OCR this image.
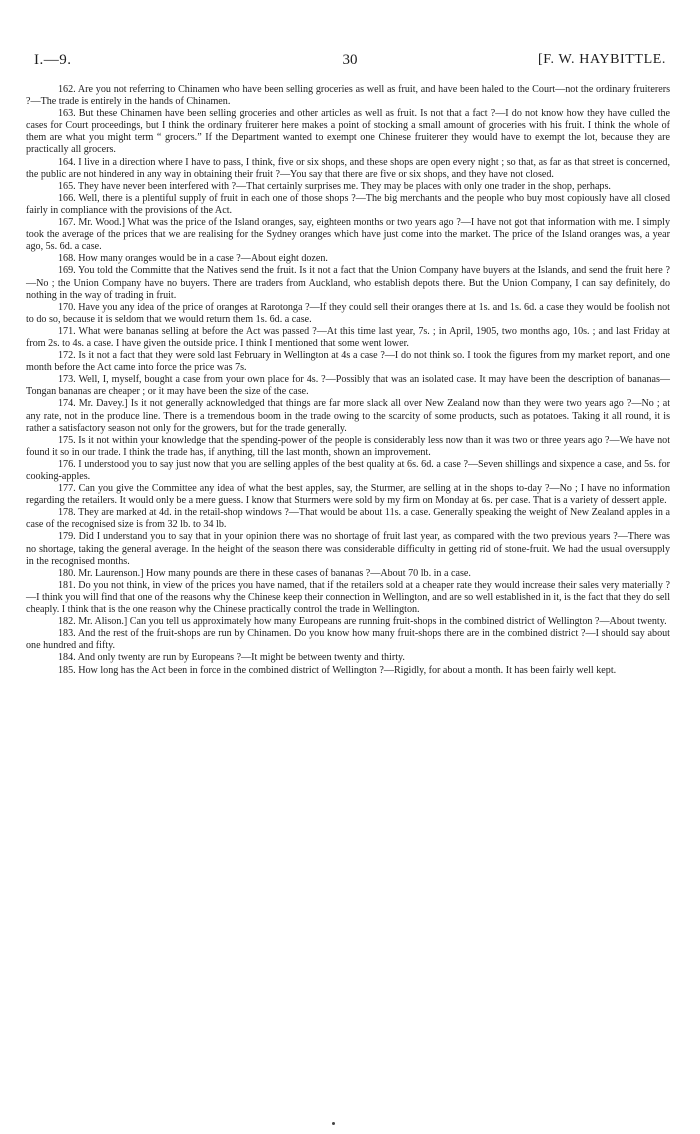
I.—9.	30	[F. W. HAYBITTLE.

162. Are you not referring to Chinamen who have been selling groceries as well as fruit, and have been haled to the Court—not the ordinary fruiterers ?—The trade is entirely in the hands of Chinamen.

163. But these Chinamen have been selling groceries and other articles as well as fruit. Is not that a fact ?—I do not know how they have culled the cases for Court proceedings, but I think the ordinary fruiterer here makes a point of stocking a small amount of groceries with his fruit. I think the whole of them are what you might term “ grocers.” If the Department wanted to exempt one Chinese fruiterer they would have to exempt the lot, because they are practically all grocers.

164. I live in a direction where I have to pass, I think, five or six shops, and these shops are open every night ; so that, as far as that street is concerned, the public are not hindered in any way in obtaining their fruit ?—You say that there are five or six shops, and they have not closed.

165. They have never been interfered with ?—That certainly surprises me. They may be places with only one trader in the shop, perhaps.

166. Well, there is a plentiful supply of fruit in each one of those shops ?—The big merchants and the people who buy most copiously have all closed fairly in compliance with the provisions of the Act.

167. Mr. Wood.] What was the price of the Island oranges, say, eighteen months or two years ago ?—I have not got that information with me. I simply took the average of the prices that we are realising for the Sydney oranges which have just come into the market. The price of the Island oranges was, a year ago, 5s. 6d. a case.

168. How many oranges would be in a case ?—About eight dozen.

169. You told the Committe that the Natives send the fruit. Is it not a fact that the Union Company have buyers at the Islands, and send the fruit here ?—No ; the Union Company have no buyers. There are traders from Auckland, who establish depots there. But the Union Company, I can say definitely, do nothing in the way of trading in fruit.

170. Have you any idea of the price of oranges at Rarotonga ?—If they could sell their oranges there at 1s. and 1s. 6d. a case they would be foolish not to do so, because it is seldom that we would return them 1s. 6d. a case.

171. What were bananas selling at before the Act was passed ?—At this time last year, 7s. ; in April, 1905, two months ago, 10s. ; and last Friday at from 2s. to 4s. a case. I have given the outside price. I think I mentioned that some went lower.

172. Is it not a fact that they were sold last February in Wellington at 4s a case ?—I do not think so. I took the figures from my market report, and one month before the Act came into force the price was 7s.

173. Well, I, myself, bought a case from your own place for 4s. ?—Possibly that was an isolated case. It may have been the description of bananas—Tongan bananas are cheaper ; or it may have been the size of the case.

174. Mr. Davey.] Is it not generally acknowledged that things are far more slack all over New Zealand now than they were two years ago ?—No ; at any rate, not in the produce line. There is a tremendous boom in the trade owing to the scarcity of some products, such as potatoes. Taking it all round, it is rather a satisfactory season not only for the growers, but for the trade generally.

175. Is it not within your knowledge that the spending-power of the people is considerably less now than it was two or three years ago ?—We have not found it so in our trade. I think the trade has, if anything, till the last month, shown an improvement.

176. I understood you to say just now that you are selling apples of the best quality at 6s. 6d. a case ?—Seven shillings and sixpence a case, and 5s. for cooking-apples.

177. Can you give the Committee any idea of what the best apples, say, the Sturmer, are selling at in the shops to-day ?—No ; I have no information regarding the retailers. It would only be a mere guess. I know that Sturmers were sold by my firm on Monday at 6s. per case. That is a variety of dessert apple.

178. They are marked at 4d. in the retail-shop windows ?—That would be about 11s. a case. Generally speaking the weight of New Zealand apples in a case of the recognised size is from 32 lb. to 34 lb.

179. Did I understand you to say that in your opinion there was no shortage of fruit last year, as compared with the two previous years ?—There was no shortage, taking the general average. In the height of the season there was considerable difficulty in getting rid of stone-fruit. We had the usual oversupply in the recognised months.

180. Mr. Laurenson.] How many pounds are there in these cases of bananas ?—About 70 lb. in a case.

181. Do you not think, in view of the prices you have named, that if the retailers sold at a cheaper rate they would increase their sales very materially ?—I think you will find that one of the reasons why the Chinese keep their connection in Wellington, and are so well established in it, is the fact that they do sell cheaply. I think that is the one reason why the Chinese practically control the trade in Wellington.

182. Mr. Alison.] Can you tell us approximately how many Europeans are running fruit-shops in the combined district of Wellington ?—About twenty.

183. And the rest of the fruit-shops are run by Chinamen. Do you know how many fruit-shops there are in the combined district ?—I should say about one hundred and fifty.

184. And only twenty are run by Europeans ?—It might be between twenty and thirty.

185. How long has the Act been in force in the combined district of Wellington ?—Rigidly, for about a month. It has been fairly well kept.
